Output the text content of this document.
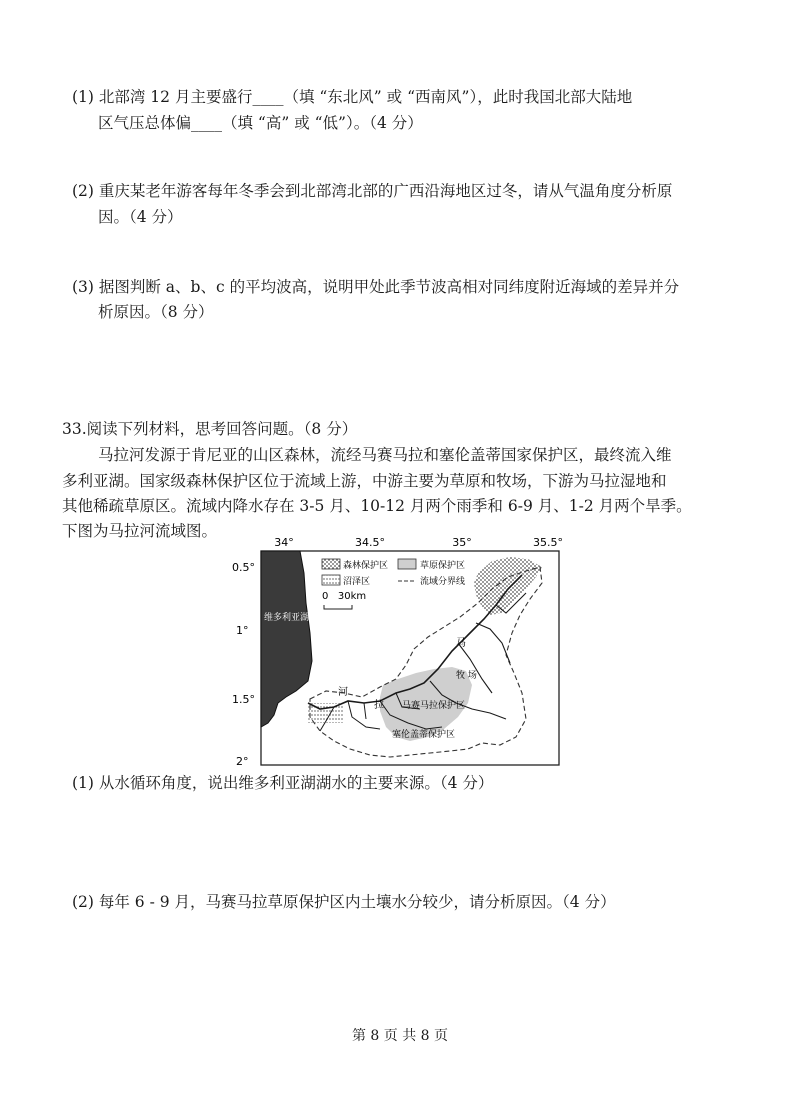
(1) 北部湾 12 月主要盛行____（填 “东北风” 或 “西南风”），此时我国北部大陆地
区气压总体偏____（填 “高” 或 “低”）。（4 分）
(2) 重庆某老年游客每年冬季会到北部湾北部的广西沿海地区过冬，请从气温角度分析原
因。（4 分）
(3) 据图判断 a、b、c 的平均波高，说明甲处此季节波高相对同纬度附近海域的差异并分
析原因。（8 分）
33.阅读下列材料，思考回答问题。（8 分）
马拉河发源于肯尼亚的山区森林，流经马赛马拉和塞伦盖蒂国家保护区，最终流入维
多利亚湖。国家级森林保护区位于流域上游，中游主要为草原和牧场，下游为马拉湿地和
其他稀疏草原区。流域内降水存在 3-5 月、10-12 月两个雨季和 6-9 月、1-2 月两个旱季。
下图为马拉河流域图。
34°	34.5°	35°	35.5°
0.5°
1°
1.5°
2°
维多利亚湖
马
拉
河
牧 场
马赛马拉保护区
塞伦盖蒂保护区
森林保护区	草原保护区
沼泽区	流域分界线
0   30km
(1) 从水循环角度，说出维多利亚湖湖水的主要来源。（4 分）
(2) 每年 6 - 9 月，马赛马拉草原保护区内土壤水分较少，请分析原因。（4 分）
第 8 页 共 8 页
